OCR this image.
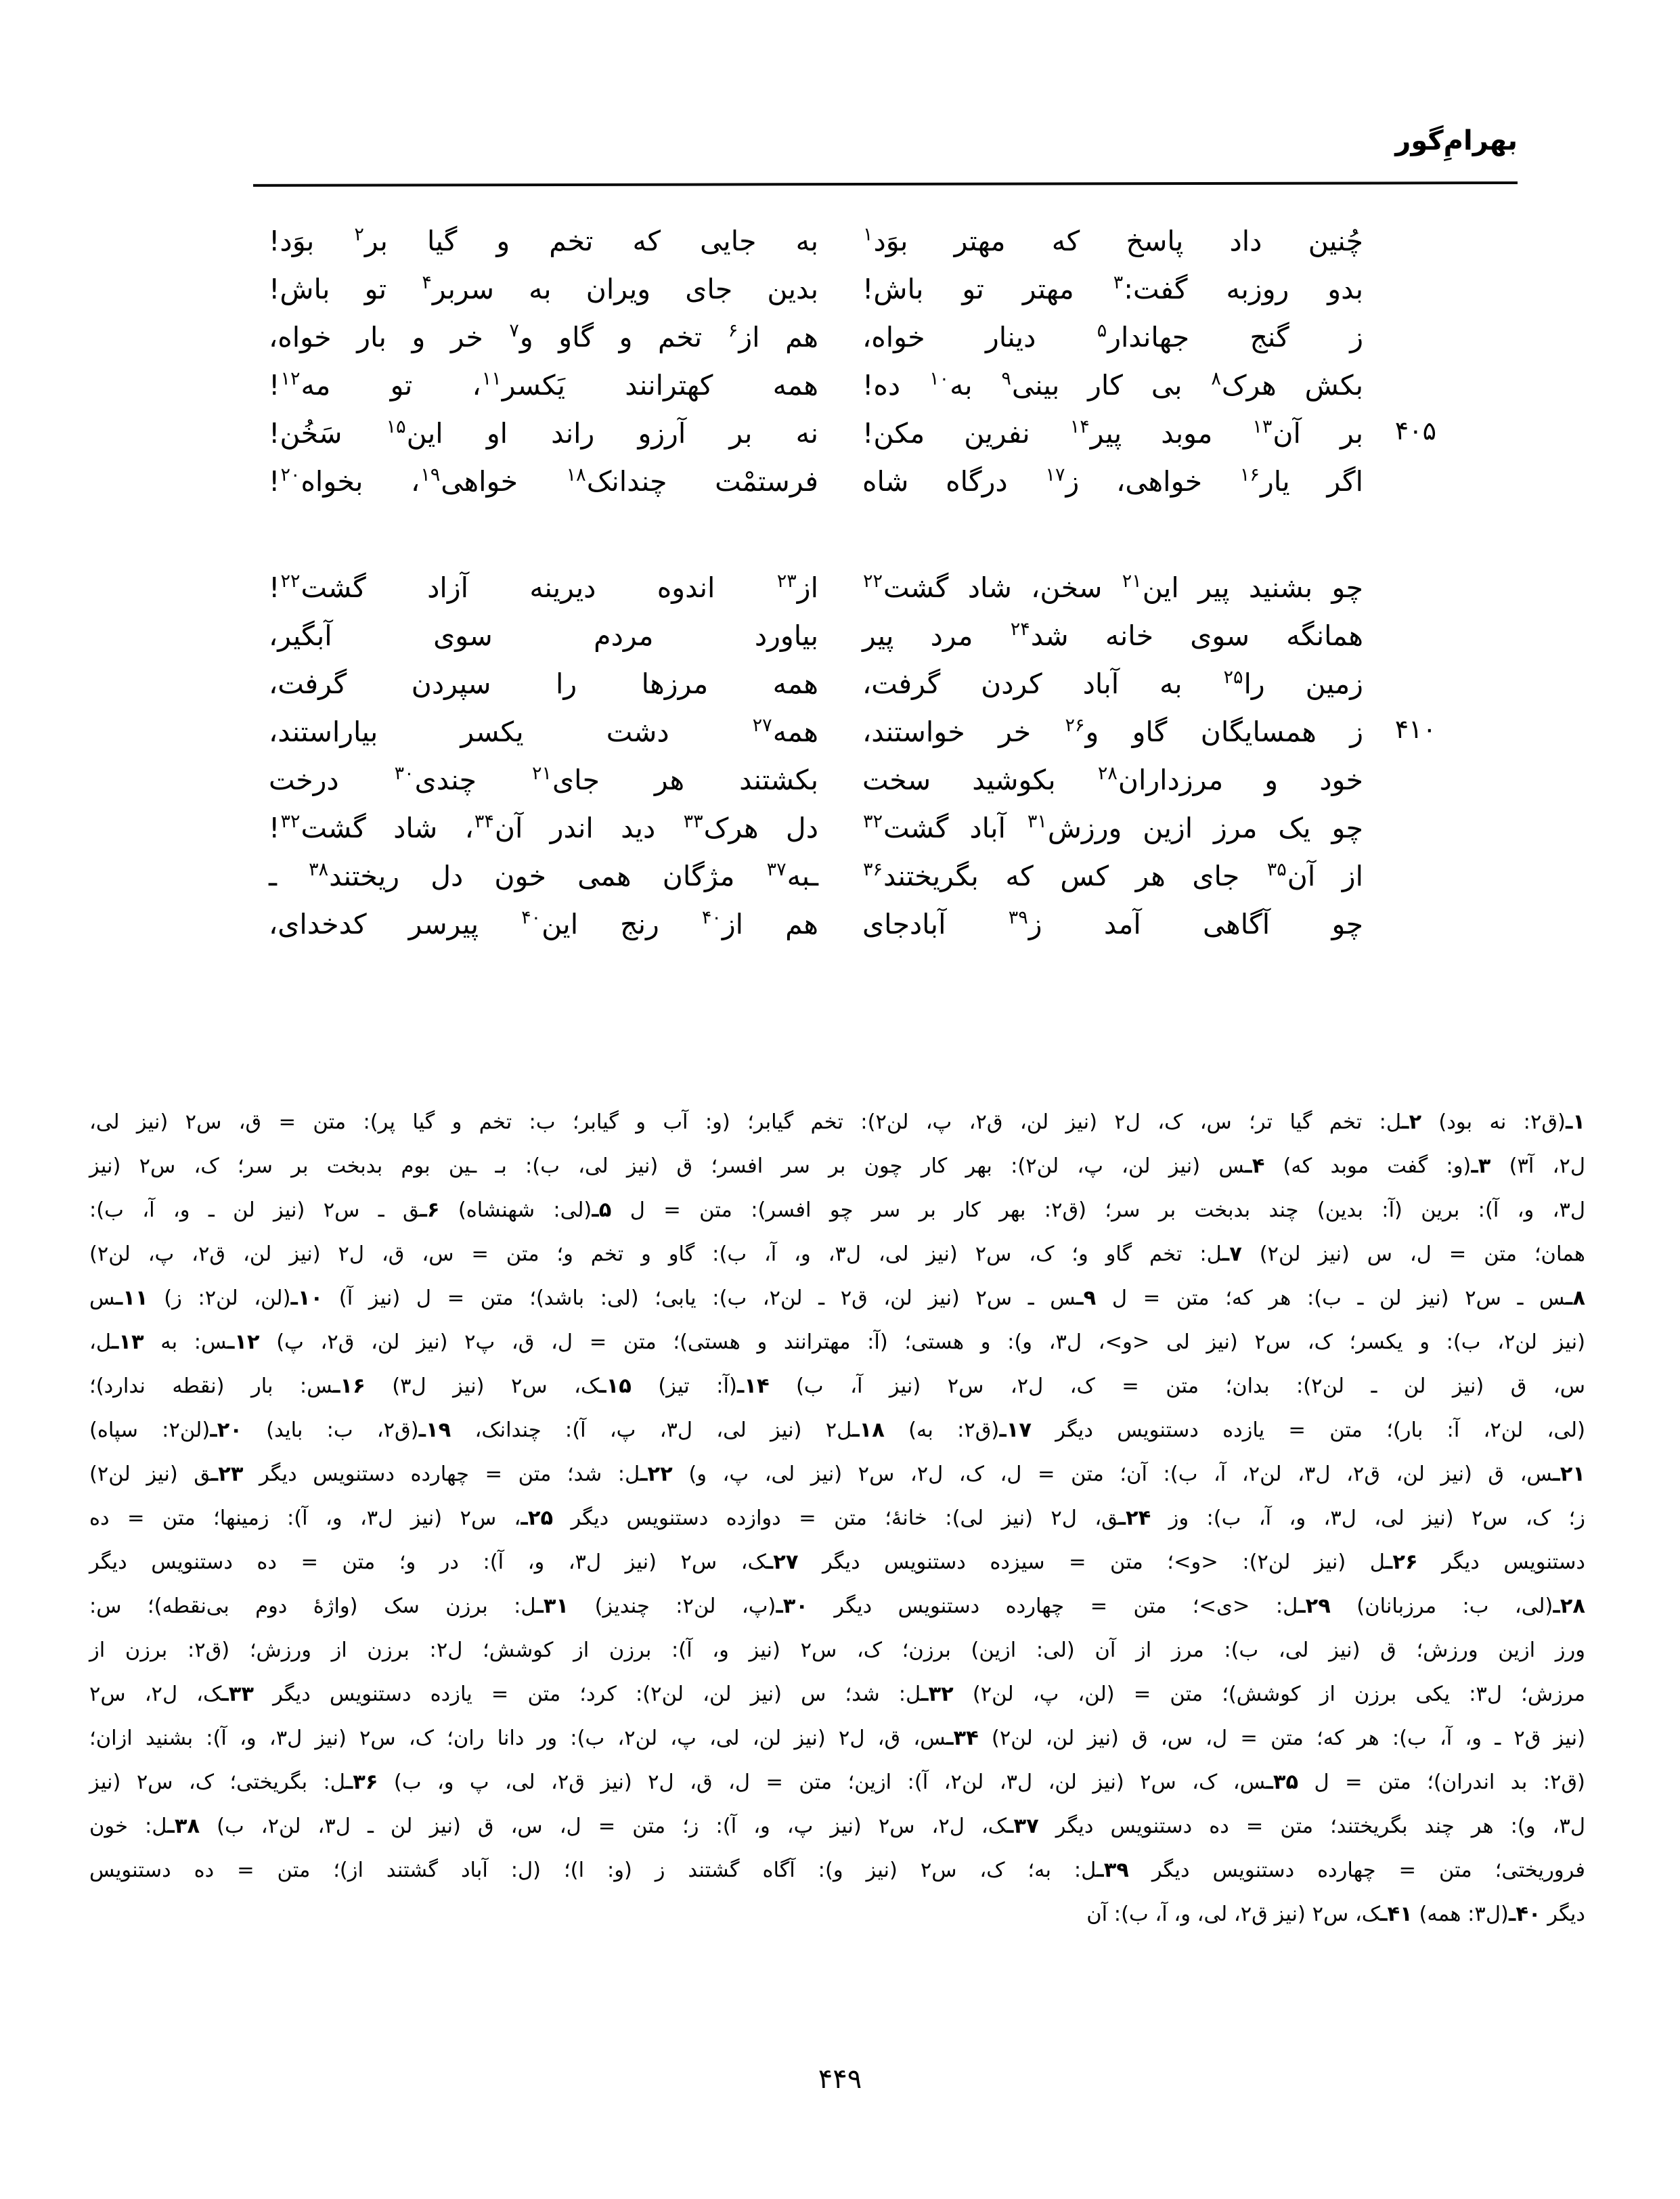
بهرامِ‌گور
چُنین داد پاسخ که مهتر بوَد$^۱$
به جایی که تخم و گیا بر$^۲$ بوَد!
بدو روزبه گفت:$^۳$ مهتر تو باش!
بدین جای ویران به سربر$^۴$ تو باش!
ز گنج جهاندار$^۵$ دینار خواه،
هم از$^۶$ تخم و گاو و$^۷$ خر و بار خواه،
بکش هرک$^۸$ بی کار بینی$^۹$ به$^{۱۰}$ ده!
همه کهترانند یَکسر$^{۱۱}$، تو مه$^{۱۲}$!
۴۰۵
بر آن$^{۱۳}$ موبد پیر$^{۱۴}$ نفرین مکن!
نه بر آرزو راند او این$^{۱۵}$ سَخُن!
اگر یار$^{۱۶}$ خواهی، ز$^{۱۷}$ درگاه شاه
فرستمْت چندانک$^{۱۸}$ خواهی$^{۱۹}$، بخواه$^{۲۰}$!
چو بشنید پیر این$^{۲۱}$ سخن، شاد گشت$^{۲۲}$
از$^{۲۳}$ اندوه دیرینه آزاد گشت$^{۲۲}$!
همانگه سوی خانه شد$^{۲۴}$ مرد پیر
بیاورد مردم سوی آبگیر،
زمین را$^{۲۵}$ به آباد کردن گرفت،
همه مرزها را سپردن گرفت،
۴۱۰
ز همسایگان گاو و$^{۲۶}$ خر خواستند،
همه$^{۲۷}$ دشت یکسر بیاراستند،
خود و مرزداران$^{۲۸}$ بکوشید سخت
بکشتند هر جای$^{۲۱}$ چندی$^{۳۰}$ درخت
چو یک مرز ازین ورزش$^{۳۱}$ آباد گشت$^{۳۲}$
دل هرک$^{۳۳}$ دید اندر آن$^{۳۴}$، شاد گشت$^{۳۲}$!
از آن$^{۳۵}$ جای هر کس که بگریختند$^{۳۶}$
ـبه$^{۳۷}$ مژگان همی خون دل ریختند$^{۳۸}$ ـ
چو آگاهی آمد ز$^{۳۹}$ آبادجای
هم از$^{۴۰}$ رنج این$^{۴۰}$ پیرسر کدخدای،
۱ـ(ق۲: نه بود) ۲ـل: تخم گیا تر؛ س، ک، ل۲ (نیز لن، ق۲، پ، لن۲): تخم گیابر؛ (و: آب و گیابر؛ ب: تخم و گیا پر): متن = ق، س۲ (نیز لی،
ل۲، آ۳) ۳ـ(و: گفت موبد که) ۴ـس (نیز لن، پ، لن۲): بهر کار چون بر سر افسر؛ ق (نیز لی، ب): بـ ـین بوم بدبخت بر سر؛ ک، س۲ (نیز
ل۳، و، آ): برین (آ: بدین) چند بدبخت بر سر؛ (ق۲: بهر کار بر سر چو افسر): متن = ل ۵ـ(لی: شهنشاه) ۶ـق ـ س۲ (نیز لن ـ و، آ، ب):
همان؛ متن = ل، س (نیز لن۲) ۷ـل: تخم گاو و؛ ک، س۲ (نیز لی، ل۳، و، آ، ب): گاو و تخم و؛ متن = س، ق، ل۲ (نیز لن، ق۲، پ، لن۲)
۸ـس ـ س۲ (نیز لن ـ ب): هر که؛ متن = ل ۹ـس ـ س۲ (نیز لن، ق۲ ـ لن۲، ب): یابی؛ (لی: باشد)؛ متن = ل (نیز آ) ۱۰ـ(لن، لن۲: ز) ۱۱ـس
(نیز لن۲، ب): و یکسر؛ ک، س۲ (نیز لی <و>، ل۳، و): و هستی؛ (آ: مهترانند و هستی)؛ متن = ل، ق، پ۲ (نیز لن، ق۲، پ) ۱۲ـس: به ۱۳ـل،
س، ق (نیز لن ـ لن۲): بدان؛ متن = ک، ل۲، س۲ (نیز آ، ب) ۱۴ـ(آ: تیز) ۱۵ـک، س۲ (نیز ل۳) ۱۶ـس: بار (نقطه ندارد)؛
(لی، لن۲، آ: بار)؛ متن = یازده دستنویس دیگر ۱۷ـ(ق۲: به) ۱۸ـل۲ (نیز لی، ل۳، پ، آ): چندانک، ۱۹ـ(ق۲، ب: باید) ۲۰ـ(لن۲: سپاه)
۲۱ـس، ق (نیز لن، ق۲، ل۳، لن۲، آ، ب): آن؛ متن = ل، ک، ل۲، س۲ (نیز لی، پ، و) ۲۲ـل: شد؛ متن = چهارده دستنویس دیگر ۲۳ـق (نیز لن۲)
ز؛ ک، س۲ (نیز لی، ل۳، و، آ، ب): وز ۲۴ـق، ل۲ (نیز لی): خانهٔ؛ متن = دوازده دستنویس دیگر ۲۵ـ، س۲ (نیز ل۳، و، آ): زمینها؛ متن = ده
دستنویس دیگر ۲۶ـل (نیز لن۲): <و>؛ متن = سیزده دستنویس دیگر ۲۷ـک، س۲ (نیز ل۳، و، آ): در و؛ متن = ده دستنویس دیگر
۲۸ـ(لی، ب: مرزبانان) ۲۹ـل: <ی>؛ متن = چهارده دستنویس دیگر ۳۰ـ(پ، لن۲: چندیز) ۳۱ـل: برزن سک (واژهٔ دوم بی‌نقطه)؛ س:
ورز ازین ورزش؛ ق (نیز لی، ب): مرز از آن (لی: ازین) برزن؛ ک، س۲ (نیز و، آ): برزن از کوشش؛ ل۲: برزن از ورزش؛ (ق۲: برزن از
مرزش؛ ل۳: یکی برزن از کوشش)؛ متن = (لن، پ، لن۲) ۳۲ـل: شد؛ س (نیز لن، لن۲): کرد؛ متن = یازده دستنویس دیگر ۳۳ـک، ل۲، س۲
(نیز ق۲ ـ و، آ، ب): هر که؛ متن = ل، س، ق (نیز لن، لن۲) ۳۴ـس، ق، ل۲ (نیز لن، لی، پ، لن۲، ب): ور دانا ران؛ ک، س۲ (نیز ل۳، و، آ): بشنید ازان؛
(ق۲: بد اندران)؛ متن = ل ۳۵ـس، ک، س۲ (نیز لن، ل۳، لن۲، آ): ازین؛ متن = ل، ق، ل۲ (نیز ق۲، لی، پ و، ب) ۳۶ـل: بگریختی؛ ک، س۲ (نیز
ل۳، و): هر چند بگریختند؛ متن = ده دستنویس دیگر ۳۷ـک، ل۲، س۲ (نیز پ، و، آ): ز؛ متن = ل، س، ق (نیز لن ـ ل۳، لن۲، ب) ۳۸ـل: خون
فروریختی؛ متن = چهارده دستنویس دیگر ۳۹ـل: به؛ ک، س۲ (نیز و): آگاه گشتند ز (و: ا)؛ (ل: آباد گشتند از)؛ متن = ده دستنویس
دیگر ۴۰ـ(ل۳: همه) ۴۱ـک، س۲ (نیز ق۲، لی، و، آ، ب): آن
۴۴۹
